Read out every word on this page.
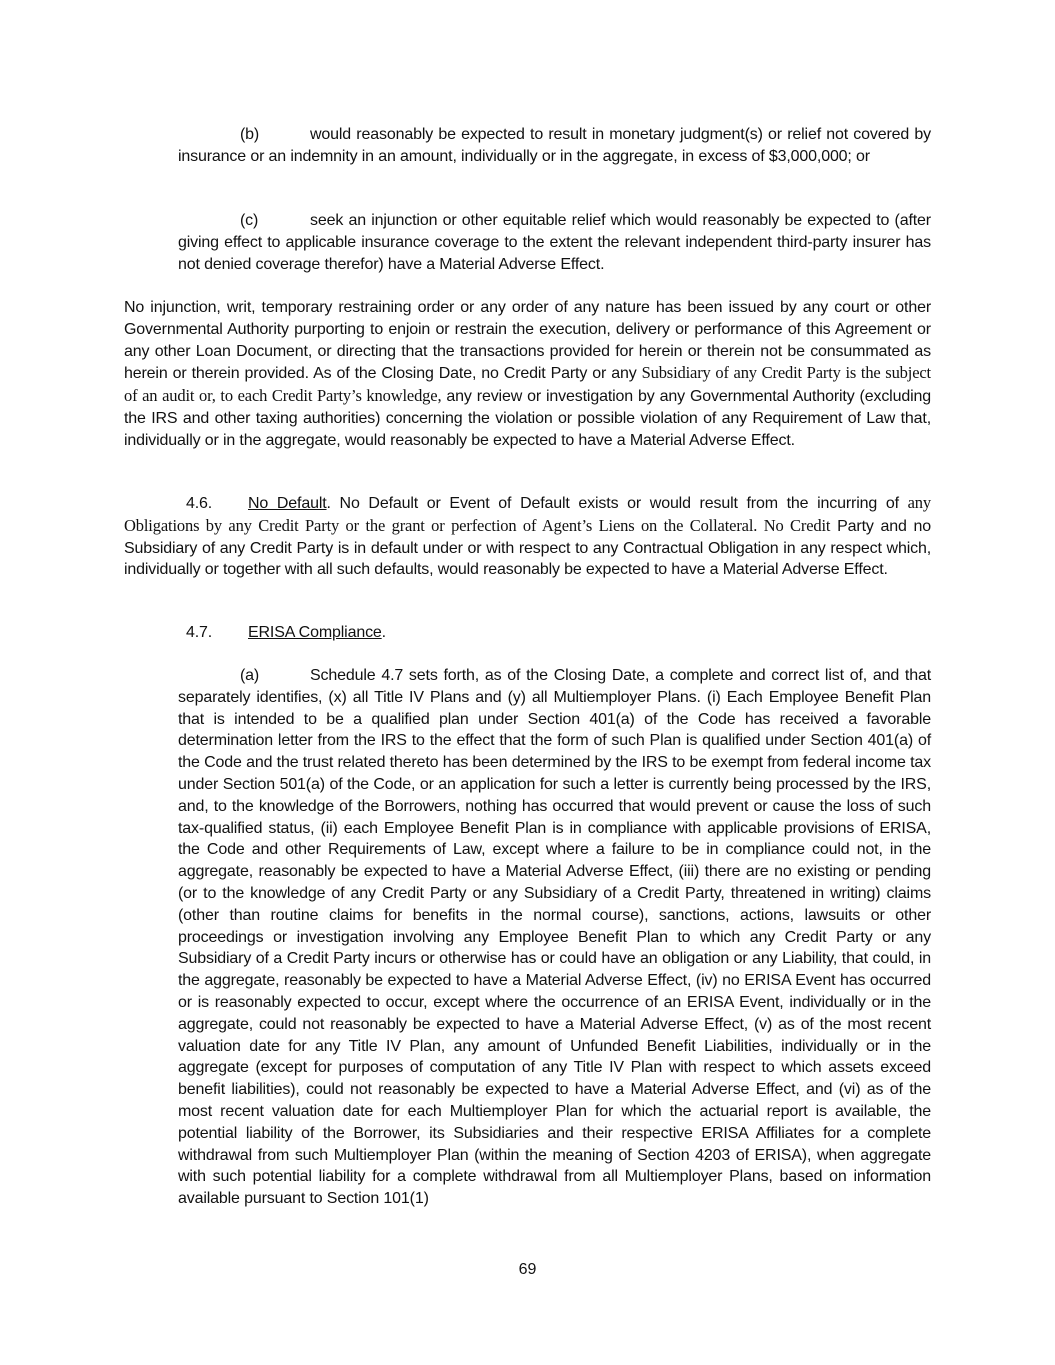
(b)	would reasonably be expected to result in monetary judgment(s) or relief not covered by insurance or an indemnity in an amount, individually or in the aggregate, in excess of $3,000,000; or

(c)	seek an injunction or other equitable relief which would reasonably be expected to (after giving effect to applicable insurance coverage to the extent the relevant independent third-party insurer has not denied coverage therefor) have a Material Adverse Effect.

No injunction, writ, temporary restraining order or any order of any nature has been issued by any court or other Governmental Authority purporting to enjoin or restrain the execution, delivery or performance of this Agreement or any other Loan Document, or directing that the transactions provided for herein or therein not be consummated as herein or therein provided. As of the Closing Date, no Credit Party or any Subsidiary of any Credit Party is the subject of an audit or, to each Credit Party’s knowledge, any review or investigation by any Governmental Authority (excluding the IRS and other taxing authorities) concerning the violation or possible violation of any Requirement of Law that, individually or in the aggregate, would reasonably be expected to have a Material Adverse Effect.

4.6. No Default. No Default or Event of Default exists or would result from the incurring of any Obligations by any Credit Party or the grant or perfection of Agent’s Liens on the Collateral. No Credit Party and no Subsidiary of any Credit Party is in default under or with respect to any Contractual Obligation in any respect which, individually or together with all such defaults, would reasonably be expected to have a Material Adverse Effect.

4.7. ERISA Compliance.

(a)	Schedule 4.7 sets forth, as of the Closing Date, a complete and correct list of, and that separately identifies, (x) all Title IV Plans and (y) all Multiemployer Plans. (i) Each Employee Benefit Plan that is intended to be a qualified plan under Section 401(a) of the Code has received a favorable determination letter from the IRS to the effect that the form of such Plan is qualified under Section 401(a) of the Code and the trust related thereto has been determined by the IRS to be exempt from federal income tax under Section 501(a) of the Code, or an application for such a letter is currently being processed by the IRS, and, to the knowledge of the Borrowers, nothing has occurred that would prevent or cause the loss of such tax-qualified status, (ii) each Employee Benefit Plan is in compliance with applicable provisions of ERISA, the Code and other Requirements of Law, except where a failure to be in compliance could not, in the aggregate, reasonably be expected to have a Material Adverse Effect, (iii) there are no existing or pending (or to the knowledge of any Credit Party or any Subsidiary of a Credit Party, threatened in writing) claims (other than routine claims for benefits in the normal course), sanctions, actions, lawsuits or other proceedings or investigation involving any Employee Benefit Plan to which any Credit Party or any Subsidiary of a Credit Party incurs or otherwise has or could have an obligation or any Liability, that could, in the aggregate, reasonably be expected to have a Material Adverse Effect, (iv) no ERISA Event has occurred or is reasonably expected to occur, except where the occurrence of an ERISA Event, individually or in the aggregate, could not reasonably be expected to have a Material Adverse Effect, (v) as of the most recent valuation date for any Title IV Plan, any amount of Unfunded Benefit Liabilities, individually or in the aggregate (except for purposes of computation of any Title IV Plan with respect to which assets exceed benefit liabilities), could not reasonably be expected to have a Material Adverse Effect, and (vi) as of the most recent valuation date for each Multiemployer Plan for which the actuarial report is available, the potential liability of the Borrower, its Subsidiaries and their respective ERISA Affiliates for a complete withdrawal from such Multiemployer Plan (within the meaning of Section 4203 of ERISA), when aggregate with such potential liability for a complete withdrawal from all Multiemployer Plans, based on information available pursuant to Section 101(1)

69
